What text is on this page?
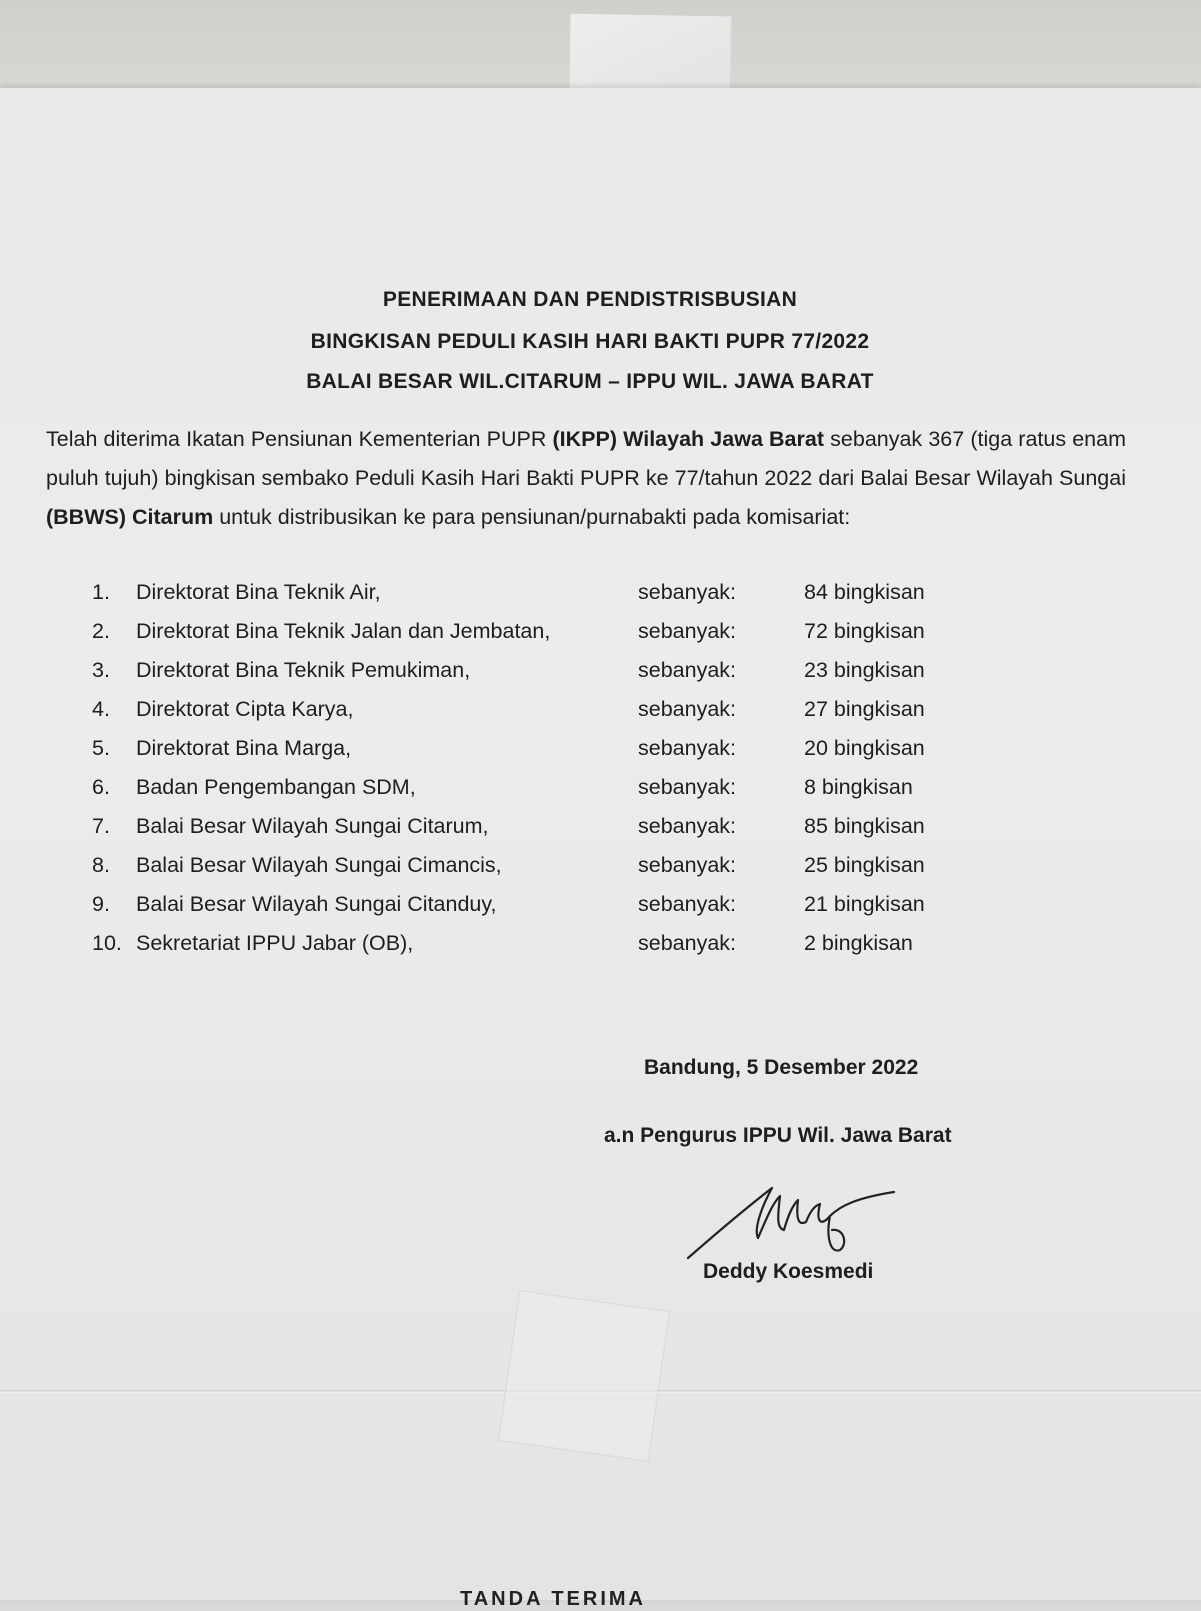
PENERIMAAN DAN PENDISTRISBUSIAN
BINGKISAN PEDULI KASIH HARI BAKTI PUPR 77/2022
BALAI BESAR WIL.CITARUM – IPPU WIL. JAWA BARAT
Telah diterima Ikatan Pensiunan Kementerian PUPR (IKPP) Wilayah Jawa Barat sebanyak 367 (tiga ratus enam puluh tujuh) bingkisan sembako Peduli Kasih Hari Bakti PUPR ke 77/tahun 2022 dari Balai Besar Wilayah Sungai (BBWS) Citarum untuk distribusikan ke para pensiunan/purnabakti pada komisariat:
1. Direktorat Bina Teknik Air,	sebanyak:	84 bingkisan
2. Direktorat Bina Teknik Jalan dan Jembatan,	sebanyak:	72 bingkisan
3. Direktorat Bina Teknik Pemukiman,	sebanyak:	23 bingkisan
4. Direktorat Cipta Karya,	sebanyak:	27 bingkisan
5. Direktorat Bina Marga,	sebanyak:	20 bingkisan
6. Badan Pengembangan SDM,	sebanyak:	8 bingkisan
7. Balai Besar Wilayah Sungai Citarum,	sebanyak:	85 bingkisan
8. Balai Besar Wilayah Sungai Cimancis,	sebanyak:	25 bingkisan
9. Balai Besar Wilayah Sungai Citanduy,	sebanyak:	21 bingkisan
10. Sekretariat IPPU Jabar (OB),	sebanyak:	2 bingkisan
Bandung, 5 Desember 2022
a.n Pengurus IPPU Wil. Jawa Barat
Deddy Koesmedi
TANDA TERIMA
